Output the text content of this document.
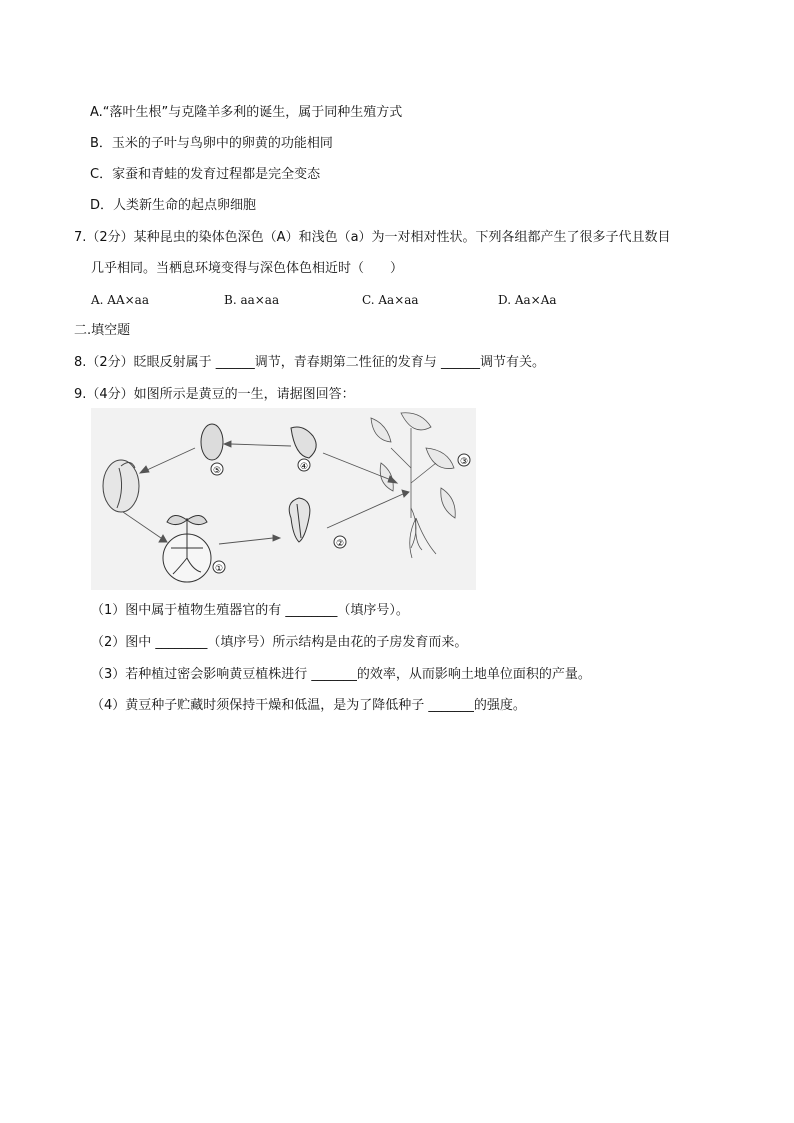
A.“落叶生根”与克隆羊多利的诞生，属于同种生殖方式
B．玉米的子叶与鸟卵中的卵黄的功能相同
C．家蚕和青蛙的发育过程都是完全变态
D．人类新生命的起点卵细胞
7.（2分）某种昆虫的染体色深色（A）和浅色（a）为一对相对性状。下列各组都产生了很多子代且数目
几乎相同。当栖息环境变得与深色体色相近时（　　）
A. AA×aa	B. aa×aa	C. Aa×aa	D. Aa×Aa
二.填空题
8.（2分）眨眼反射属于 ______调节，青春期第二性征的发育与 ______调节有关。
9.（4分）如图所示是黄豆的一生，请据图回答：
⑤	④	③
②
①
（1）图中属于植物生殖器官的有 ________（填序号）。
（2）图中 ________（填序号）所示结构是由花的子房发育而来。
（3）若种植过密会影响黄豆植株进行 _______的效率，从而影响土地单位面积的产量。
（4）黄豆种子贮藏时须保持干燥和低温，是为了降低种子 _______的强度。
